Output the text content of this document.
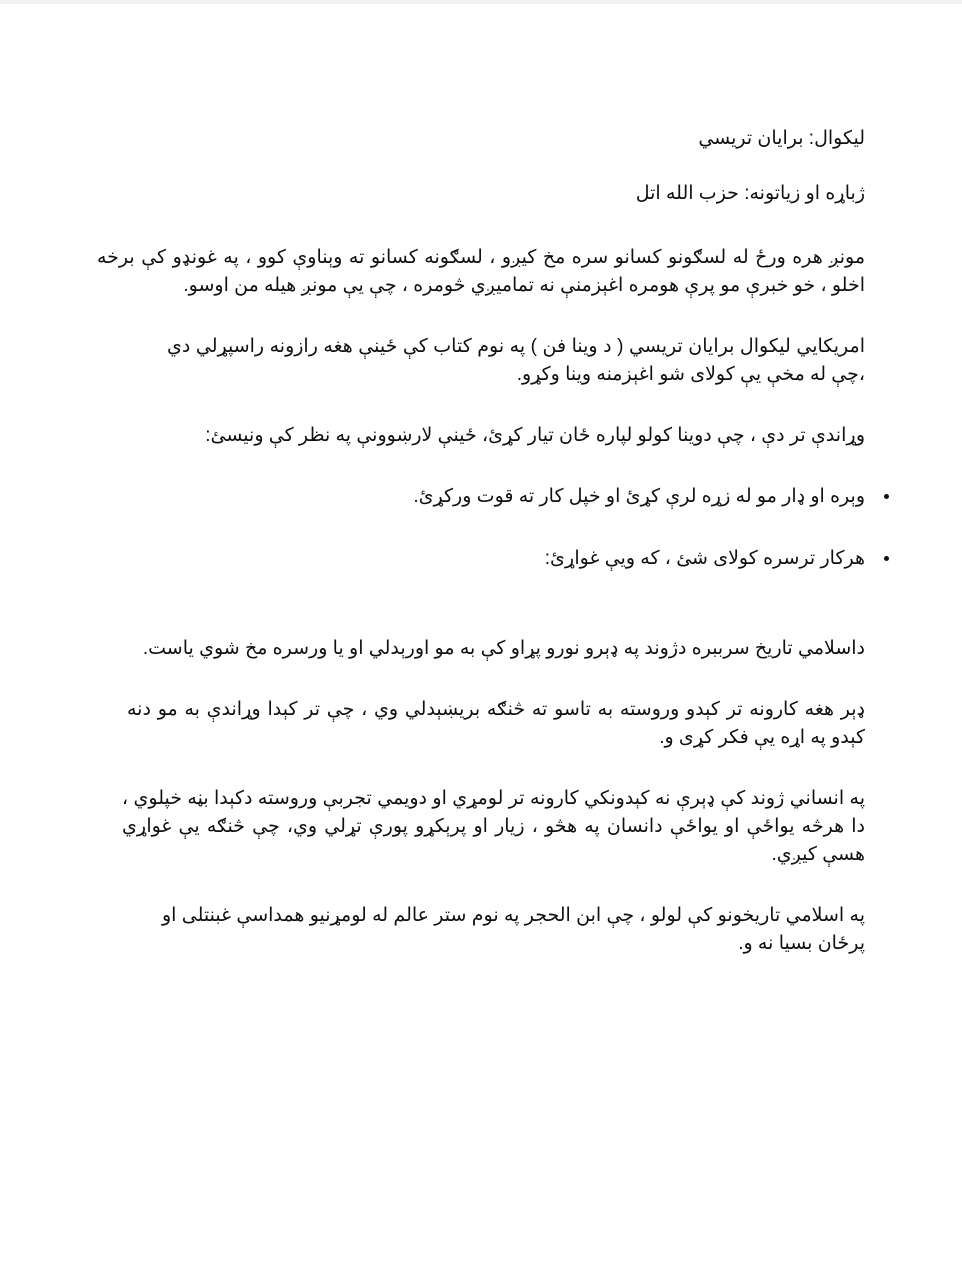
ليکوال: برایان تریسي

ژباړه او زیاتونه: حزب الله اتل

مونږ هره ورځ له لسګونو کسانو سره مخ کیږو ، لسګونه کسانو ته وېناوې کوو ، په غونډو کې برخه اخلو ، خو خبرې مو پرې هومره اغېزمنې نه تمامیږي څومره ، چې یې مونږ هیله من اوسو.

امریکایي لیکوال برایان تریسي ( د وینا فن ) په نوم کتاب کې ځینې هغه رازونه راسپړلي دي ،چې له مخې یې کولای شو اغېزمنه وینا وکړو.

وړاندې تر دې ، چې دوینا کولو لپاره ځان تیار کړئ، ځینې لارښوونې په نظر کې ونیسئ:

وېره او ډار مو له زړه لرې کړئ او خپل کار ته قوت ورکړئ.
هرکار ترسره کولای شئ ، که ویې غواړئ:

داسلامي تاریخ سرببره دژوند په ډېرو نورو پړاو کې به مو اورېدلي او یا ورسره مخ شوي یاست.

ډېر هغه کارونه تر کېدو وروسته به تاسو ته څنګه بریښېدلي وي ، چې تر کېدا وړاندې به مو دنه کېدو په اړه یې فکر کړی و.

په انساني ژوند کې ډېرې نه کېدونکي کارونه تر لومړي او دویمي تجربې وروسته دکېدا بڼه خپلوي ، دا هرڅه یواځې او یواځې دانسان په هڅو ، زیار او پرېکړو پورې تړلي وي، چې څنګه یې غواړي هسې کیږي.

په اسلامي تاریخونو کې لولو ، چې ابن الحجر په نوم ستر عالم له لومړنیو همداسې غبنتلی او پرځان بسیا نه و.
